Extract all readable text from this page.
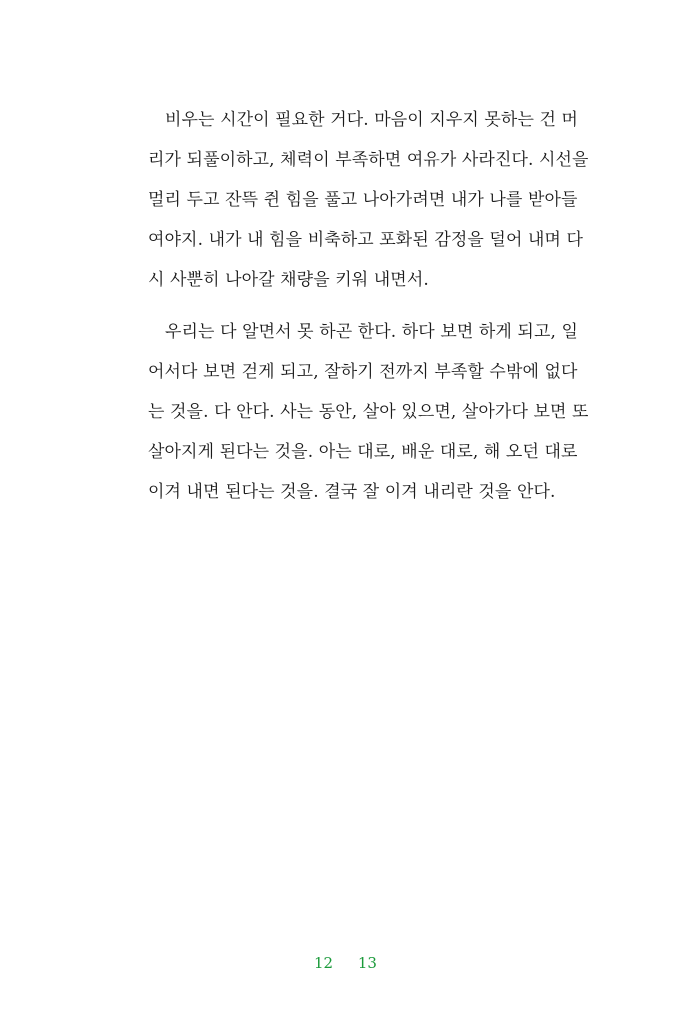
비우는 시간이 필요한 거다. 마음이 지우지 못하는 건 머
리가 되풀이하고, 체력이 부족하면 여유가 사라진다. 시선을
멀리 두고 잔뜩 쥔 힘을 풀고 나아가려면 내가 나를 받아들
여야지. 내가 내 힘을 비축하고 포화된 감정을 덜어 내며 다
시 사뿐히 나아갈 채량을 키워 내면서.
우리는 다 알면서 못 하곤 한다. 하다 보면 하게 되고, 일
어서다 보면 걷게 되고, 잘하기 전까지 부족할 수밖에 없다
는 것을. 다 안다. 사는 동안, 살아 있으면, 살아가다 보면 또
살아지게 된다는 것을. 아는 대로, 배운 대로, 해 오던 대로
이겨 내면 된다는 것을. 결국 잘 이겨 내리란 것을 안다.
12 13
